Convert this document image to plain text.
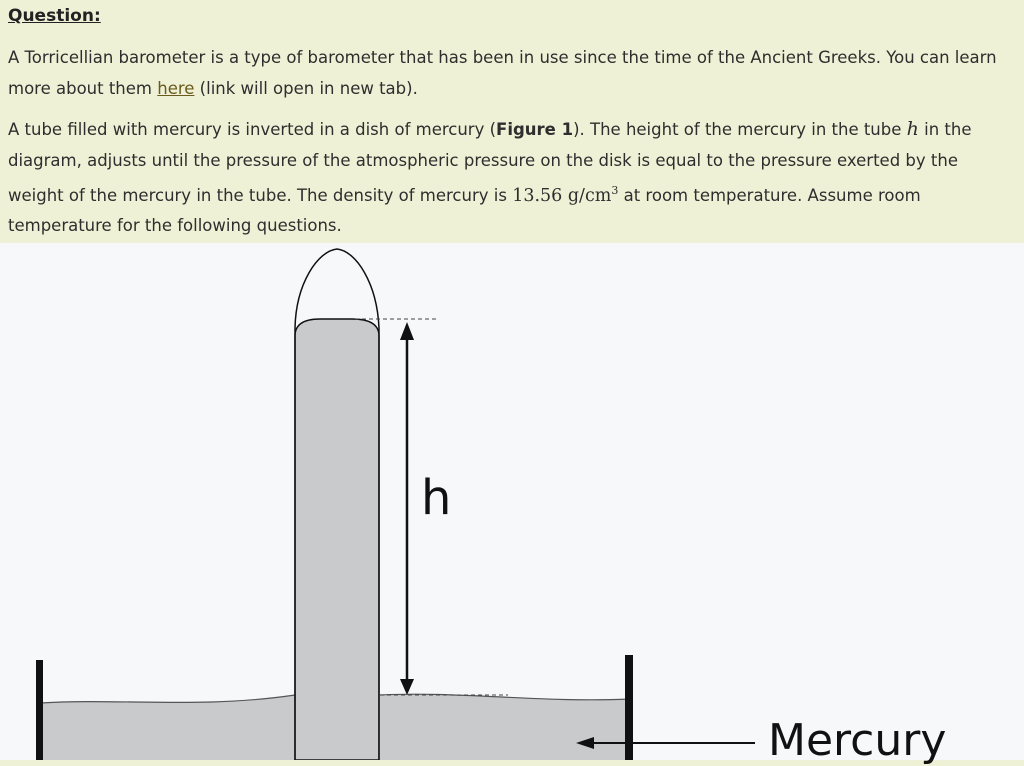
Question:

A Torricellian barometer is a type of barometer that has been in use since the time of the Ancient Greeks. You can learn more about them here (link will open in new tab).

A tube filled with mercury is inverted in a dish of mercury (Figure 1). The height of the mercury in the tube h in the diagram, adjusts until the pressure of the atmospheric pressure on the disk is equal to the pressure exerted by the weight of the mercury in the tube. The density of mercury is 13.56 $g/cm^3$ at room temperature. Assume room temperature for the following questions.

h
Mercury
